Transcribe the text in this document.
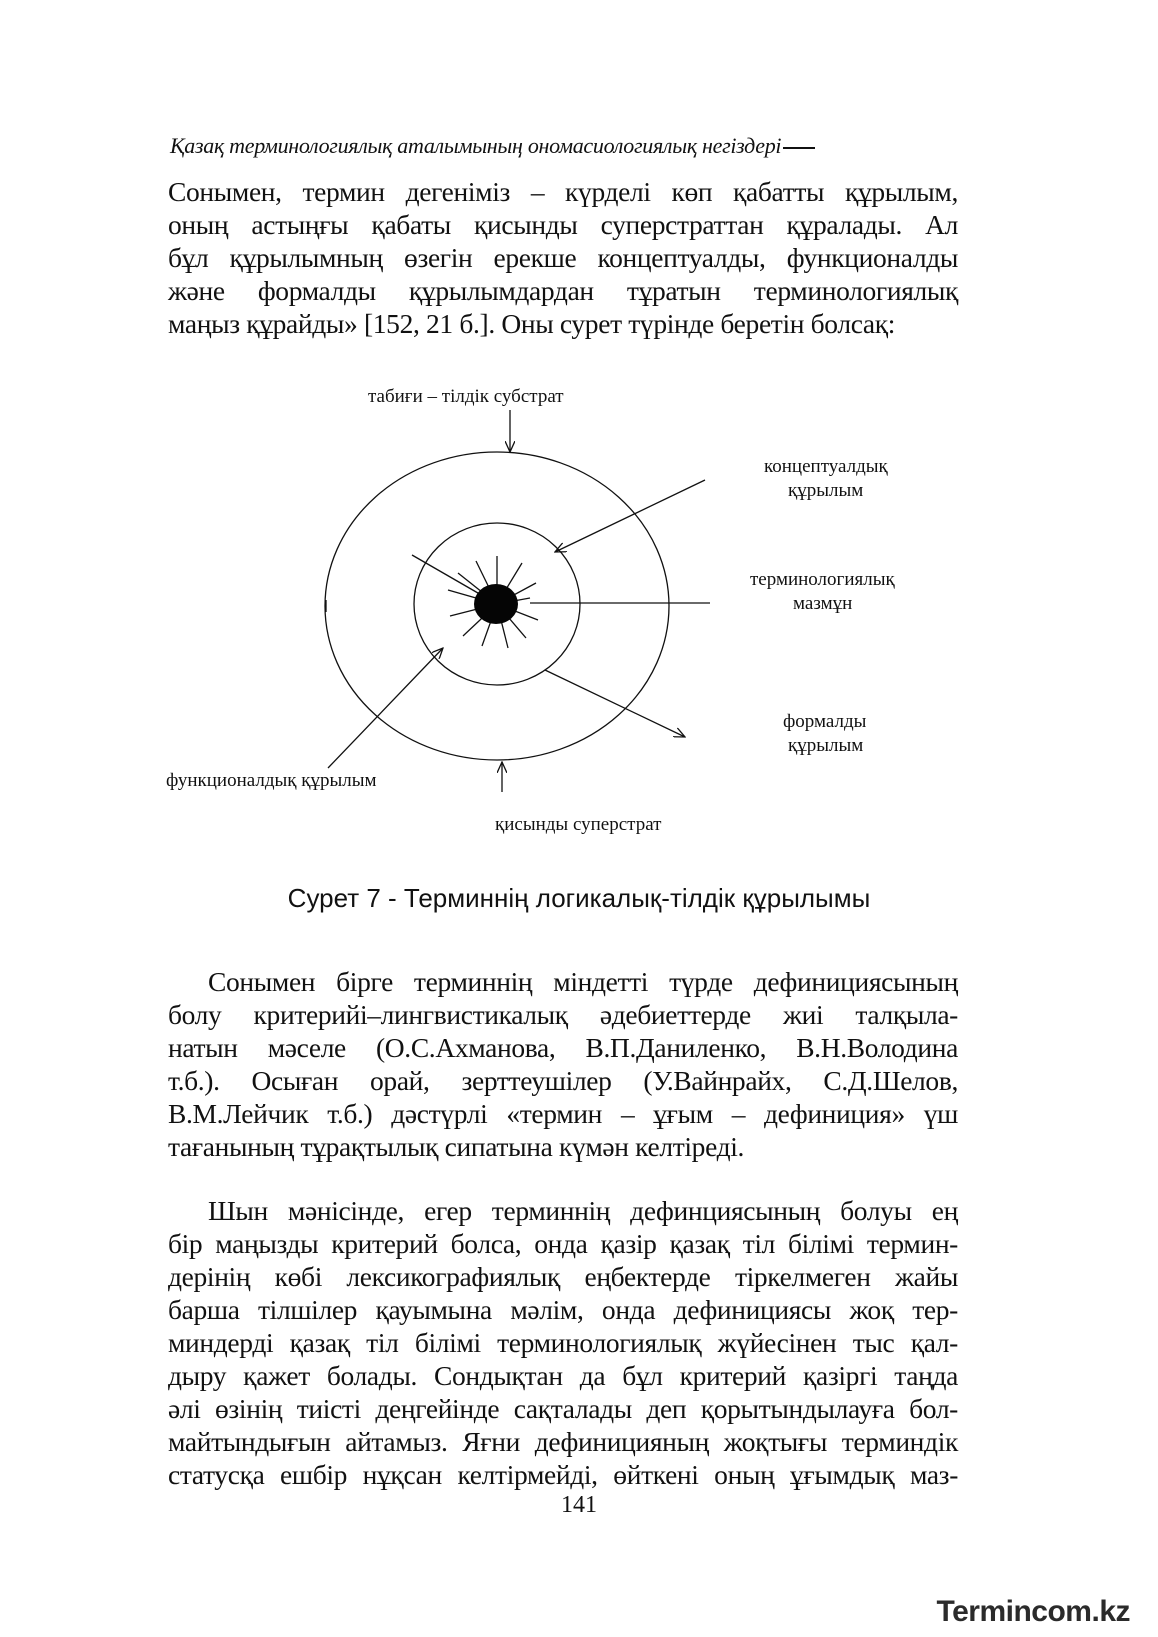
Қазақ терминологиялық аталымының ономасиологиялық негіздері
Сонымен, термин дегеніміз – күрделі көп қабатты құрылым,
оның астыңғы қабаты қисынды суперстраттан құралады. Ал
бұл құрылымның өзегін ерекше концептуалды, функционалды
және формалды құрылымдардан тұратын терминологиялық
маңыз құрайды» [152, 21 б.]. Оны сурет түрінде беретін болсақ:
табиғи – тілдік субстрат
концептуалдық
құрылым
терминологиялық
мазмұн
формалды
құрылым
функционалдық құрылым
қисынды суперстрат
Сурет 7 - Терминнің логикалық-тілдік құрылымы
Сонымен бірге терминнің міндетті түрде дефинициясының
болу критерийі–лингвистикалық әдебиеттерде жиі талқыла-
натын мәселе (О.С.Ахманова, В.П.Даниленко, В.Н.Володина
т.б.). Осыған орай, зерттеушілер (У.Вайнрайх, С.Д.Шелов,
В.М.Лейчик т.б.) дәстүрлі «термин – ұғым – дефиниция» үш
тағанының тұрақтылық сипатына күмән келтіреді.
Шын мәнісінде, егер терминнің дефинциясының болуы ең
бір маңызды критерий болса, онда қазір қазақ тіл білімі термин-
дерінің көбі лексикографиялық еңбектерде тіркелмеген жайы
барша тілшілер қауымына мәлім, онда дефинициясы жоқ тер-
миндерді қазақ тіл білімі терминологиялық жүйесінен тыс қал-
дыру қажет болады. Сондықтан да бұл критерий қазіргі таңда
әлі өзінің тиісті деңгейінде сақталады деп қорытындылауға бол-
майтындығын айтамыз. Яғни дефиницияның жоқтығы терминдік
статусқа ешбір нұқсан келтірмейді, өйткені оның ұғымдық маз-
141
Termincom.kz
